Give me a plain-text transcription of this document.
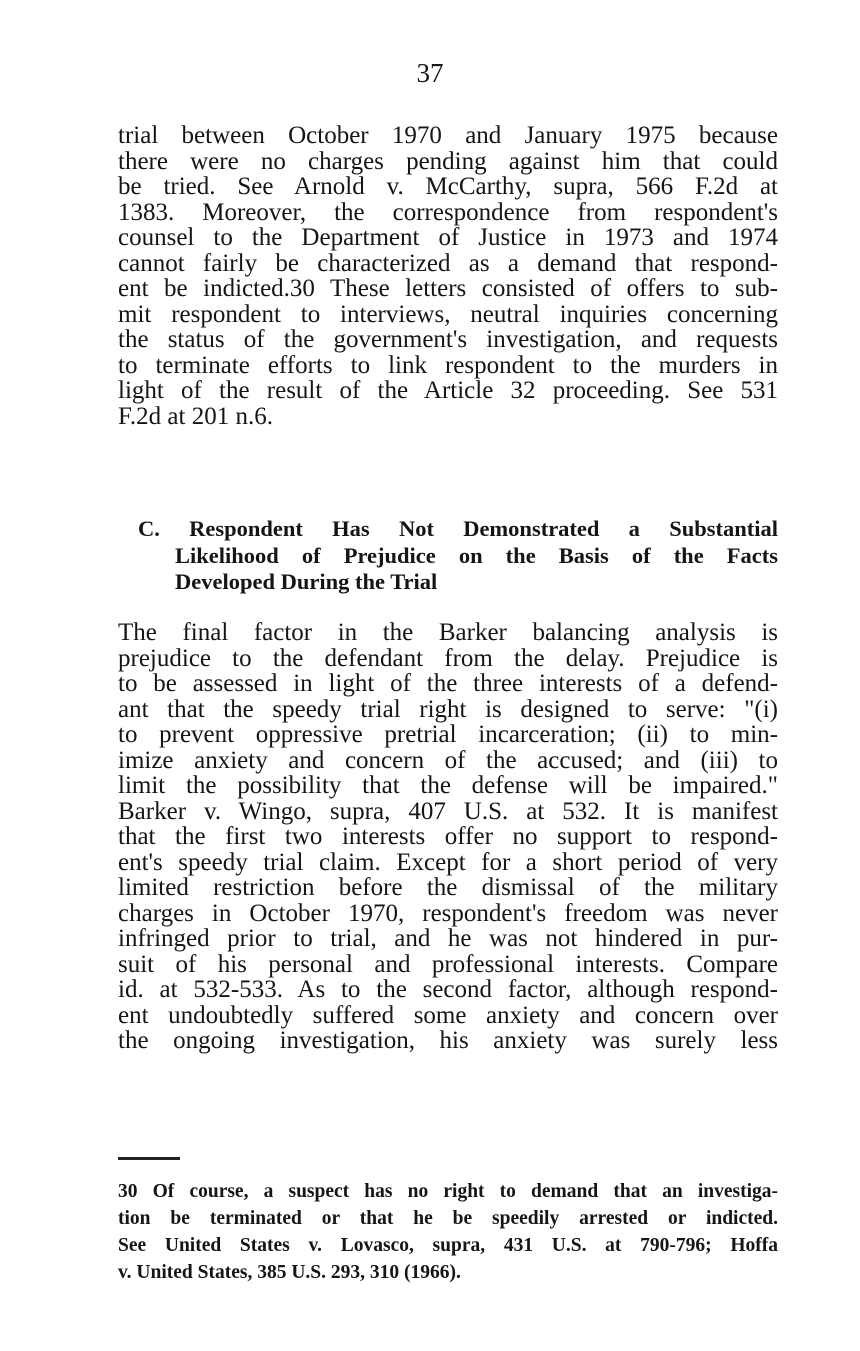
37
trial between October 1970 and January 1975 because
there were no charges pending against him that could
be tried. See Arnold v. McCarthy, supra, 566 F.2d at
1383. Moreover, the correspondence from respondent's
counsel to the Department of Justice in 1973 and 1974
cannot fairly be characterized as a demand that respond-
ent be indicted.30 These letters consisted of offers to sub-
mit respondent to interviews, neutral inquiries concerning
the status of the government's investigation, and requests
to terminate efforts to link respondent to the murders in
light of the result of the Article 32 proceeding. See 531
F.2d at 201 n.6.
C. Respondent Has Not Demonstrated a Substantial
Likelihood of Prejudice on the Basis of the Facts
Developed During the Trial
The final factor in the Barker balancing analysis is
prejudice to the defendant from the delay. Prejudice is
to be assessed in light of the three interests of a defend-
ant that the speedy trial right is designed to serve: "(i)
to prevent oppressive pretrial incarceration; (ii) to min-
imize anxiety and concern of the accused; and (iii) to
limit the possibility that the defense will be impaired."
Barker v. Wingo, supra, 407 U.S. at 532. It is manifest
that the first two interests offer no support to respond-
ent's speedy trial claim. Except for a short period of very
limited restriction before the dismissal of the military
charges in October 1970, respondent's freedom was never
infringed prior to trial, and he was not hindered in pur-
suit of his personal and professional interests. Compare
id. at 532-533. As to the second factor, although respond-
ent undoubtedly suffered some anxiety and concern over
the ongoing investigation, his anxiety was surely less
30 Of course, a suspect has no right to demand that an investiga-
tion be terminated or that he be speedily arrested or indicted.
See United States v. Lovasco, supra, 431 U.S. at 790-796; Hoffa
v. United States, 385 U.S. 293, 310 (1966).
